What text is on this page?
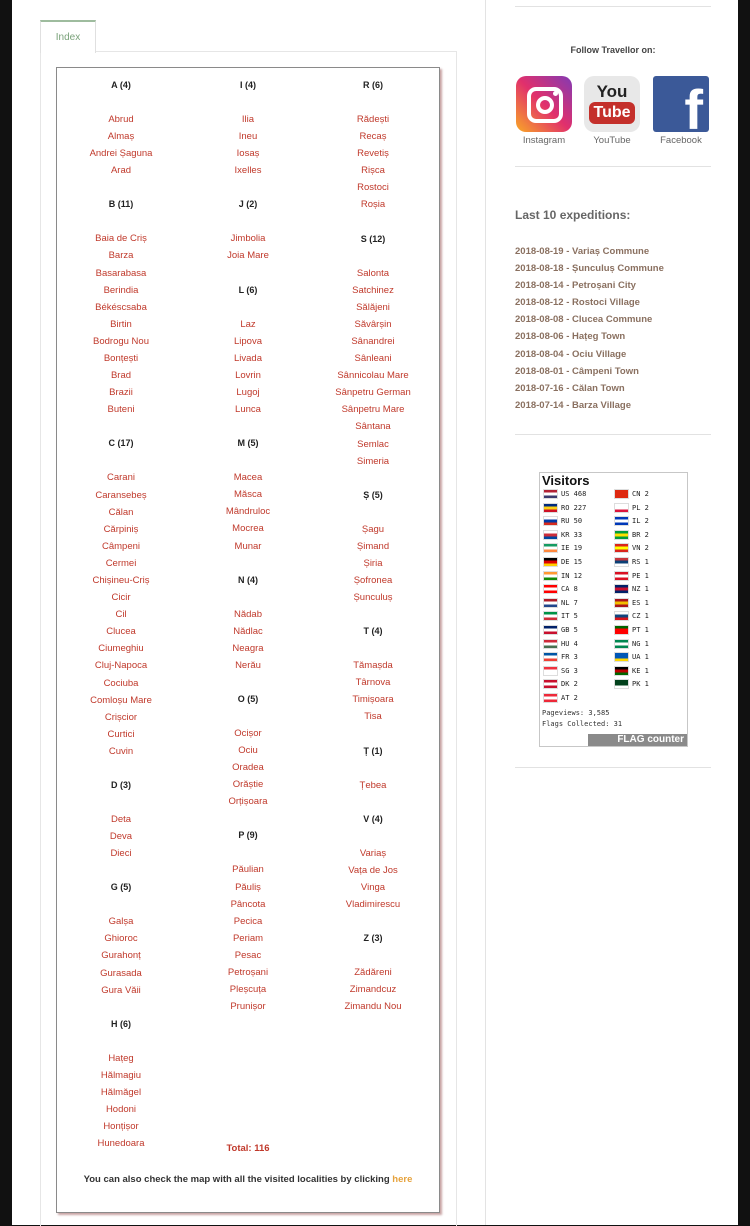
Index
A (4)
Abrud
Almaș
Andrei Șaguna
Arad
B (11)
Baia de Criș
Barza
Basarabasa
Berindia
Békéscsaba
Birtin
Bodrogu Nou
Bonțești
Brad
Brazii
Buteni
C (17)
Carani
Caransebeș
Călan
Cărpiniș
Câmpeni
Cermei
Chișineu-Criș
Cicir
Cil
Clucea
Ciumeghiu
Cluj-Napoca
Cociuba
Comloșu Mare
Crișcior
Curtici
Cuvin
D (3)
Deta
Deva
Dieci
G (5)
Galșa
Ghioroc
Gurahonț
Gurasada
Gura Văii
H (6)
Hațeg
Hălmagiu
Hălmăgel
Hodoni
Honțișor
Hunedoara
I (4)
Ilia
Ineu
Iosaș
Ixelles
J (2)
Jimbolia
Joia Mare
L (6)
Laz
Lipova
Livada
Lovrin
Lugoj
Lunca
M (5)
Macea
Măsca
Mândruloc
Mocrea
Munar
N (4)
Nădab
Nădlac
Neagra
Nerău
O (5)
Ocișor
Ociu
Oradea
Orăștie
Orțișoara
P (9)
Păulian
Păuliș
Pâncota
Pecica
Periam
Pesac
Petroșani
Pleșcuța
Prunișor
R (6)
Rădești
Recaș
Revetiș
Rișca
Rostoci
Roșia
S (12)
Salonta
Satchinez
Sălăjeni
Săvârșin
Sânandrei
Sânleani
Sânnicolau Mare
Sânpetru German
Sânpetru Mare
Sântana
Semlac
Simeria
Ș (5)
Șagu
Șimand
Șiria
Șofronea
Șunculuș
T (4)
Tămașda
Târnova
Timișoara
Tisa
Ț (1)
Țebea
V (4)
Variaș
Vața de Jos
Vinga
Vladimirescu
Z (3)
Zădăreni
Zimandcuz
Zimandu Nou
Total: 116
You can also check the map with all the visited localities by clicking here
Follow Travellor on:
Instagram
You
Tube
YouTube f
Facebook
Last 10 expeditions:
2018-08-19 - Variaș Commune
2018-08-18 - Șunculuș Commune
2018-08-14 - Petroșani City
2018-08-12 - Rostoci Village
2018-08-08 - Clucea Commune
2018-08-06 - Hațeg Town
2018-08-04 - Ociu Village
2018-08-01 - Câmpeni Town
2018-07-16 - Călan Town
2018-07-14 - Barza Village
Visitors
Pageviews: 3,585
Flags Collected: 31
FLAG counter
US 468
RO 227
RU 50
KR 33
IE 19
DE 15
IN 12
CA 8
NL 7
IT 5
GB 5
HU 4
FR 3
SG 3
DK 2
AT 2
CN 2
PL 2
IL 2
BR 2
VN 2
RS 1
PE 1
NZ 1
ES 1
CZ 1
PT 1
NG 1
UA 1
KE 1
PK 1
